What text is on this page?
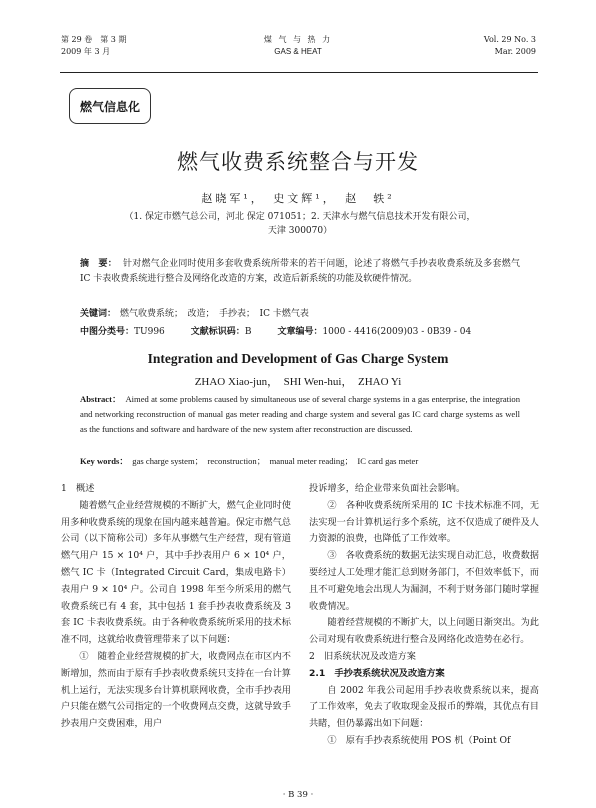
第 29 卷　第 3 期
2009 年 3 月
煤 气 与 热 力
GAS & HEAT
Vol. 29 No. 3
Mar. 2009
燃气信息化
燃气收费系统整合与开发
赵晓军¹，　史文辉¹，　赵　轶²
（1. 保定市燃气总公司，河北 保定 071051；2. 天津水与燃气信息技术开发有限公司，
天津 300070）
摘　要： 针对燃气企业同时使用多套收费系统所带来的若干问题，论述了将燃气手抄表收费系统及多套燃气 IC 卡表收费系统进行整合及网络化改造的方案，改造后新系统的功能及软硬件情况。
关键词： 燃气收费系统；　改造；　手抄表；　IC 卡燃气表
中图分类号：TU996	文献标识码：B	文章编号：1000 - 4416(2009)03 - 0B39 - 04
Integration and Development of Gas Charge System
ZHAO Xiao-jun，　SHI Wen-hui，　ZHAO Yi
Abstract： Aimed at some problems caused by simultaneous use of several charge systems in a gas enterprise, the integration and networking reconstruction of manual gas meter reading and charge system and several gas IC card charge systems as well as the functions and software and hardware of the new system after reconstruction are discussed.
Key words： gas charge system；　reconstruction；　manual meter reading；　IC card gas meter
1　概述

随着燃气企业经营规模的不断扩大，燃气企业同时使用多种收费系统的现象在国内越来越普遍。保定市燃气总公司（以下简称公司）多年从事燃气生产经营，现有管道燃气用户 15 × 10⁴ 户，其中手抄表用户 6 × 10⁴ 户，燃气 IC 卡（Integrated Circuit Card，集成电路卡）表用户 9 × 10⁴ 户。公司自 1998 年至今所采用的燃气收费系统已有 4 套，其中包括 1 套手抄表收费系统及 3 套 IC 卡表收费系统。由于各种收费系统所采用的技术标准不同，这就给收费管理带来了以下问题：

①　随着企业经营规模的扩大，收费网点在市区内不断增加，然而由于原有手抄表收费系统只支持在一台计算机上运行，无法实现多台计算机联网收费，全市手抄表用户只能在燃气公司指定的一个收费网点交费，这就导致手抄表用户交费困难，用户

投诉增多，给企业带来负面社会影响。

②　各种收费系统所采用的 IC 卡技术标准不同，无法实现一台计算机运行多个系统，这不仅造成了硬件及人力资源的浪费，也降低了工作效率。

③　各收费系统的数据无法实现自动汇总，收费数据要经过人工处理才能汇总到财务部门，不但效率低下，而且不可避免地会出现人为漏洞，不利于财务部门随时掌握收费情况。

随着经营规模的不断扩大，以上问题日渐突出。为此公司对现有收费系统进行整合及网络化改造势在必行。

2　旧系统状况及改造方案
2.1　手抄表系统状况及改造方案

自 2002 年我公司起用手抄表收费系统以来，提高了工作效率，免去了收取现金及报币的弊端，其优点有目共睹，但仍暴露出如下问题：

①　原有手抄表系统使用 POS 机（Point Of

· B 39 ·
